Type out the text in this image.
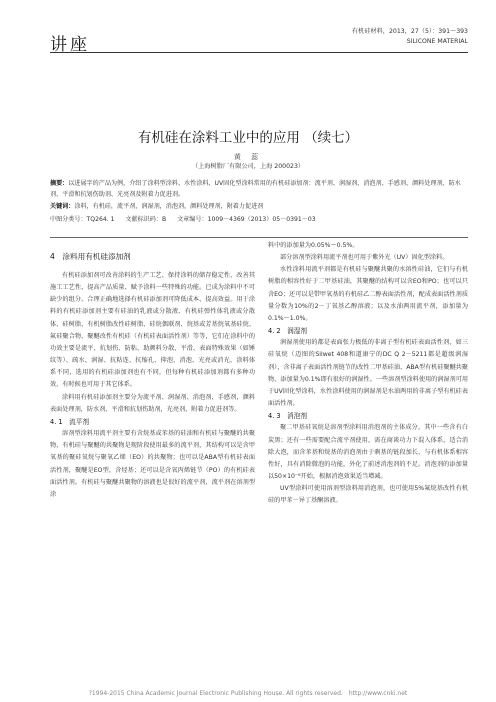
讲座
有机硅材料，2013，27（5）：391～393
SILICONE MATERIAL
有机硅在涂料工业中的应用 （续七）
黄 蕊
（上海树脂厂有限公司，上海 200023）
摘要：以进展字的产品为例，介绍了涂料型涂料、水性涂料、UV固化型涂料常用的有机硅添加剂：流平剂、润湿剂、消泡剂、手感剂、颜料处理剂、防水剂、平滑和抗划伤助剂、光亮剂及附着力促进剂。
关键词：涂料，有机硅，流平剂，润湿剂，消泡剂，颜料处理剂，附着力促进剂
中图分类号：TQ264. 1 文献标识码：B 文章编号：1009－4369（2013）05－0391－03
4　涂料用有机硅添加剂

有机硅添加剂可改善涂料的生产工艺、保持涂料的储存稳定性、改善其施工工艺性、提高产品质量、赋予涂料一些特殊的功能。已成为涂料中不可缺少的组分。合理正确地选择有机硅添加剂可降低成本、提高效益。用于涂料的有机硅添加剂主要有硅油的乳液或分散液、有机硅弹性体乳液或分散体、硅树脂、有机树脂改性硅树脂、硅烷偶联剂、烷基或芳基烷氧基硅烷、氟硅聚合物、聚醚改性有机硅（有机硅表面活性剂）等等，它们在涂料中的功效主要是流平、抗划伤、防粘、助颜料分散、平滑、表面特殊效果（如锤纹等）、疏水、润湿、抗粘连、抗缩孔、抑泡、消泡、光亮或消光、涂料体系不同，选用的有机硅添加剂也有不同，但每种有机硅添加剂都有多种功效，有时候也可用于其它体系。

涂料用有机硅添加剂主要分为流平剂、润湿剂、消泡剂、手感剂，颜料表面处理剂，防水剂、平滑和抗划伤助剂，光亮剂，附着力促进剂等。

4. 1　流平剂

溶剂型涂料用流平剂主要有含烷基或苯基的硅油和有机硅与聚醚的共聚物，有机硅与聚醚的共聚物是现阶段使用最多的流平剂，其结构可以是含甲氧基的聚硅氧烷与聚氧乙烯（EO）的共聚物；也可以是ABA型有机硅表面活性剂，聚醚是EO型，含烃基；还可以是含氧丙烯链节（PO）的有机硅表面活性剂。有机硅与聚醚共聚物的溶液也是很好的流平剂，流平剂在溶剂型涂

料中的添加量为0.05%～0.5%。

部分溶剂型涂料用流平剂也可用于紫外光（UV）固化型涂料。

水性涂料用流平剂都是有机硅与聚醚共聚的水溶性硅油，它们与有机树脂的相容性好于二甲基硅油，其聚醚的结构可以含EO和PO；也可以只含EO；还可以是带甲氧基的有机硅乙二醇表面活性剂，配成表面活性剂质量分数为10%的2－丁氧基乙醇溶液；以及水油两用流平剂，添加量为0.1%～1.0%。

4. 2　润湿剂

润湿剂使用的都是表面张力极低的非离子型有机硅表面活性剂，如三硅氧烷（迈图的Silwet 408和道康宁的DC Q 2－5211都是超级润湿剂），含非离子表面活性剂链节的改性二甲基硅油、ABA型有机硅聚醚共聚物，添加量为0.1%即有很好的润湿性。一些溶剂型涂料使用的润湿剂可用于UV固化型涂料，水性涂料使用的润湿剂是水油两用的非离子型有机硅表面活性剂。

4. 3　消泡剂

聚二甲基硅氧烷是溶剂型涂料用消泡剂的主体成分，其中一些含有白炭黑；还有一些需要配合流平剂使用，需在商谈功力下混入体系，适合消除大泡，而含苯基和烷基的消泡剂由于剩基的链段加长，与有机体系相容性好，具有消除微泡的功能，外化了前述消泡剂的不足。消泡剂的添加量以50×10⁻⁶开始，根据消泡效果适当增减。

UV型涂料可使用溶剂型涂料用消泡剂，也可使用5%氟烷基改性有机硅的甲苯－异丁基酮溶液。

?1994-2015 China Academic Journal Electronic Publishing House. All rights reserved.　http://www.cnki.net
